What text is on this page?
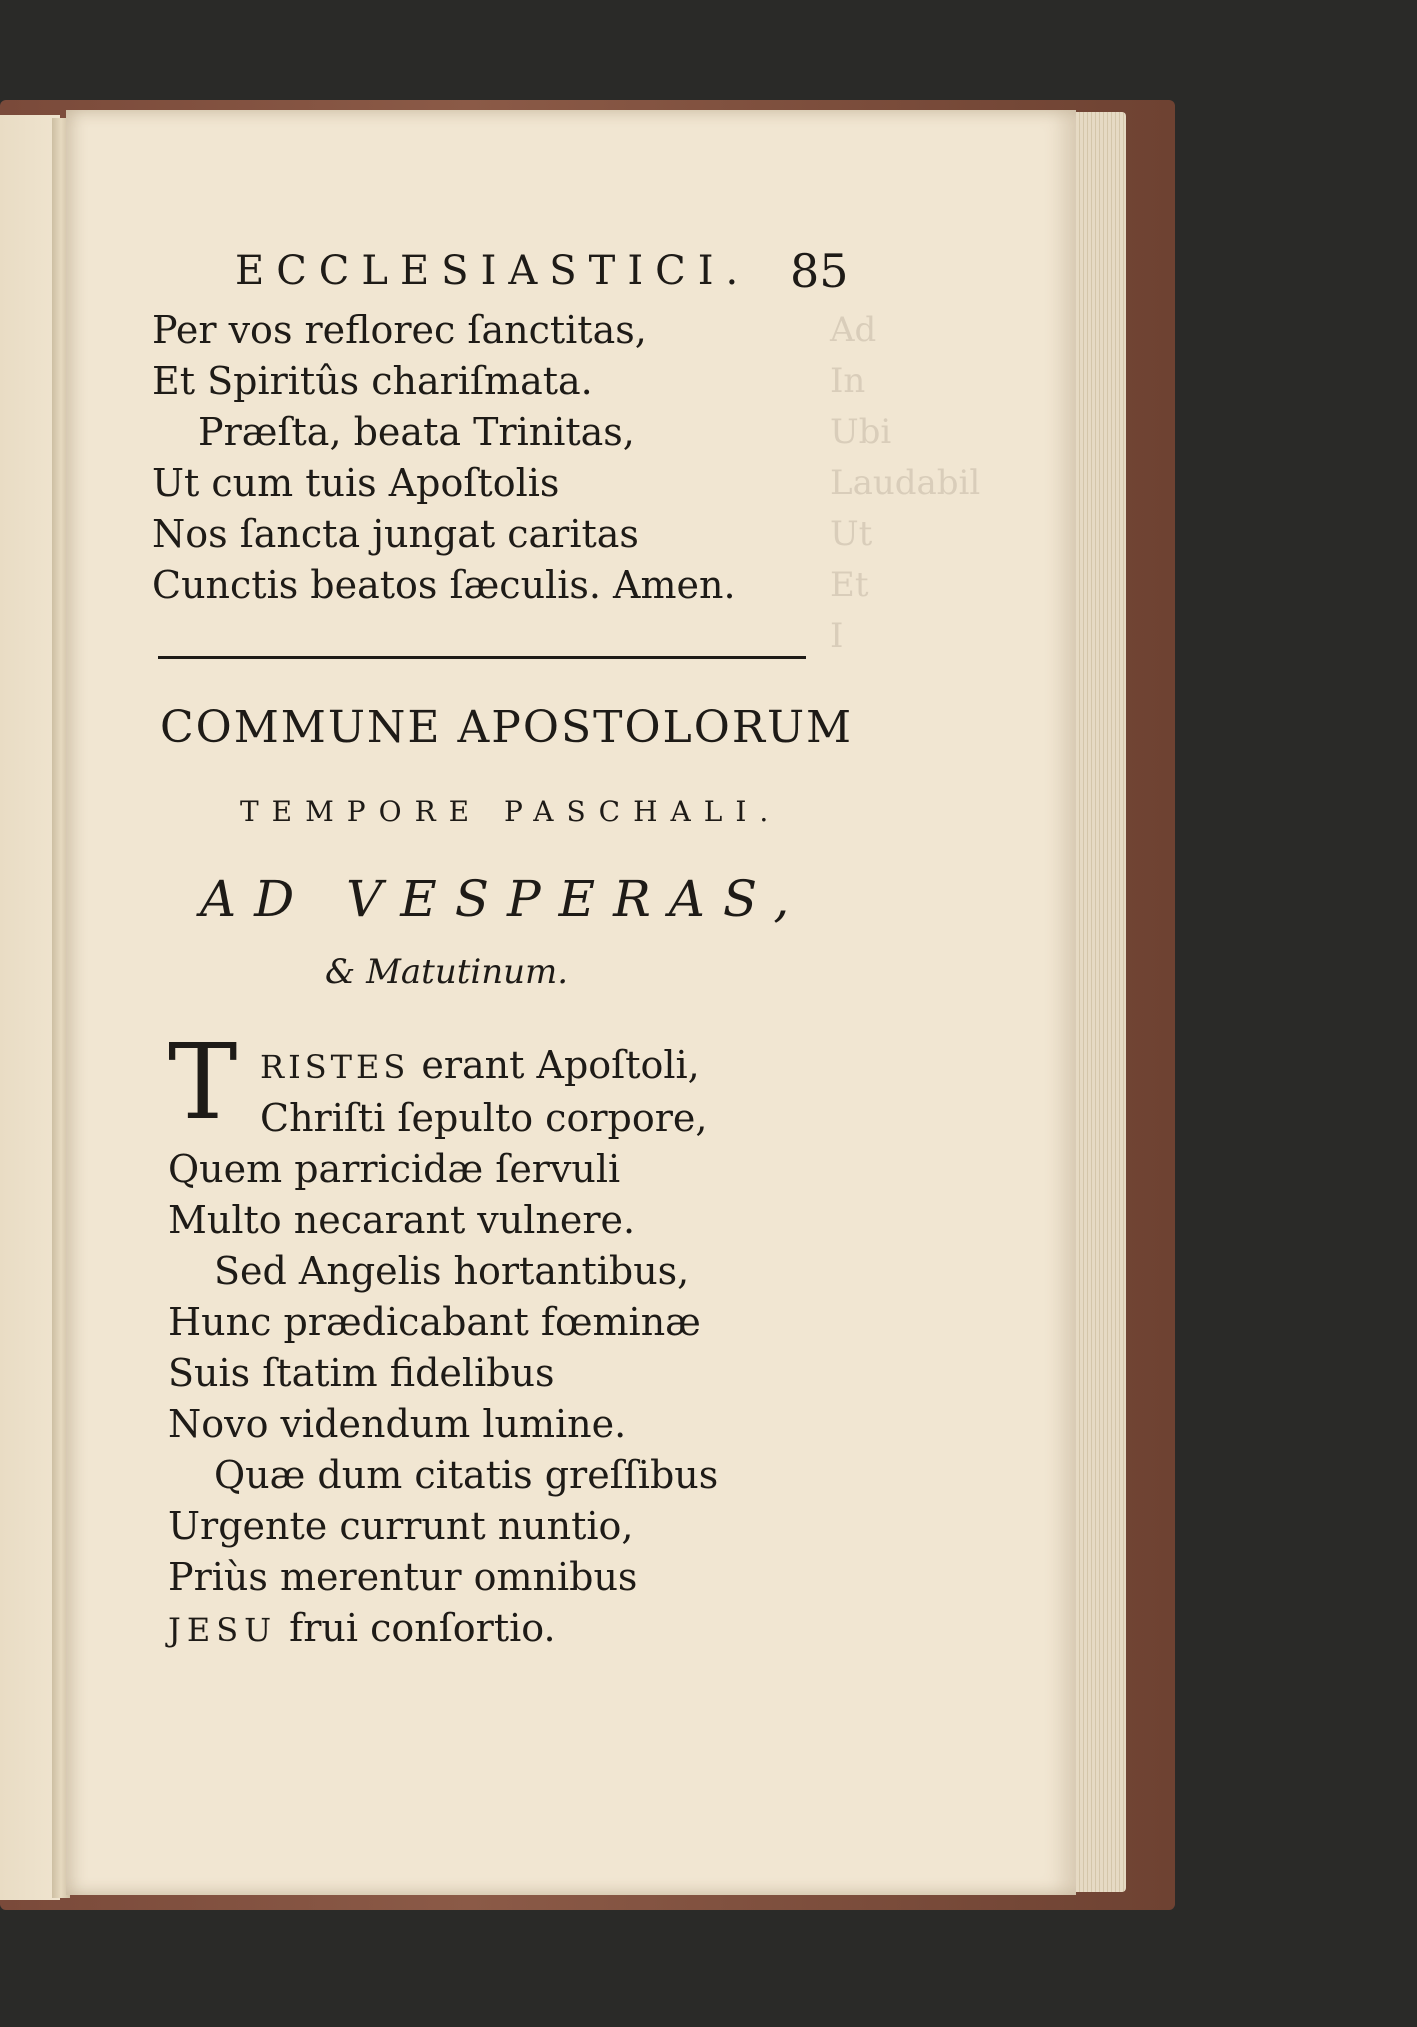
Ad
In
Ubi
Laudabil
Ut
Et
I
ECCLESIASTICI. 85
Per vos reflorec ſanctitas,
Et Spiritûs chariſmata.
Præſta, beata Trinitas,
Ut cum tuis Apoſtolis
Nos ſancta jungat caritas
Cunctis beatos ſæculis. Amen.
COMMUNE APOSTOLORUM
TEMPORE PASCHALI.
AD VESPERAS,
& Matutinum.
T RISTES erant Apoſtoli,
Chriſti ſepulto corpore,
Quem parricidæ ſervuli
Multo necarant vulnere.
Sed Angelis hortantibus,
Hunc prædicabant fœminæ
Suis ſtatim fidelibus
Novo videndum lumine.
Quæ dum citatis greſſibus
Urgente currunt nuntio,
Priùs merentur omnibus
JESU frui conſortio.
